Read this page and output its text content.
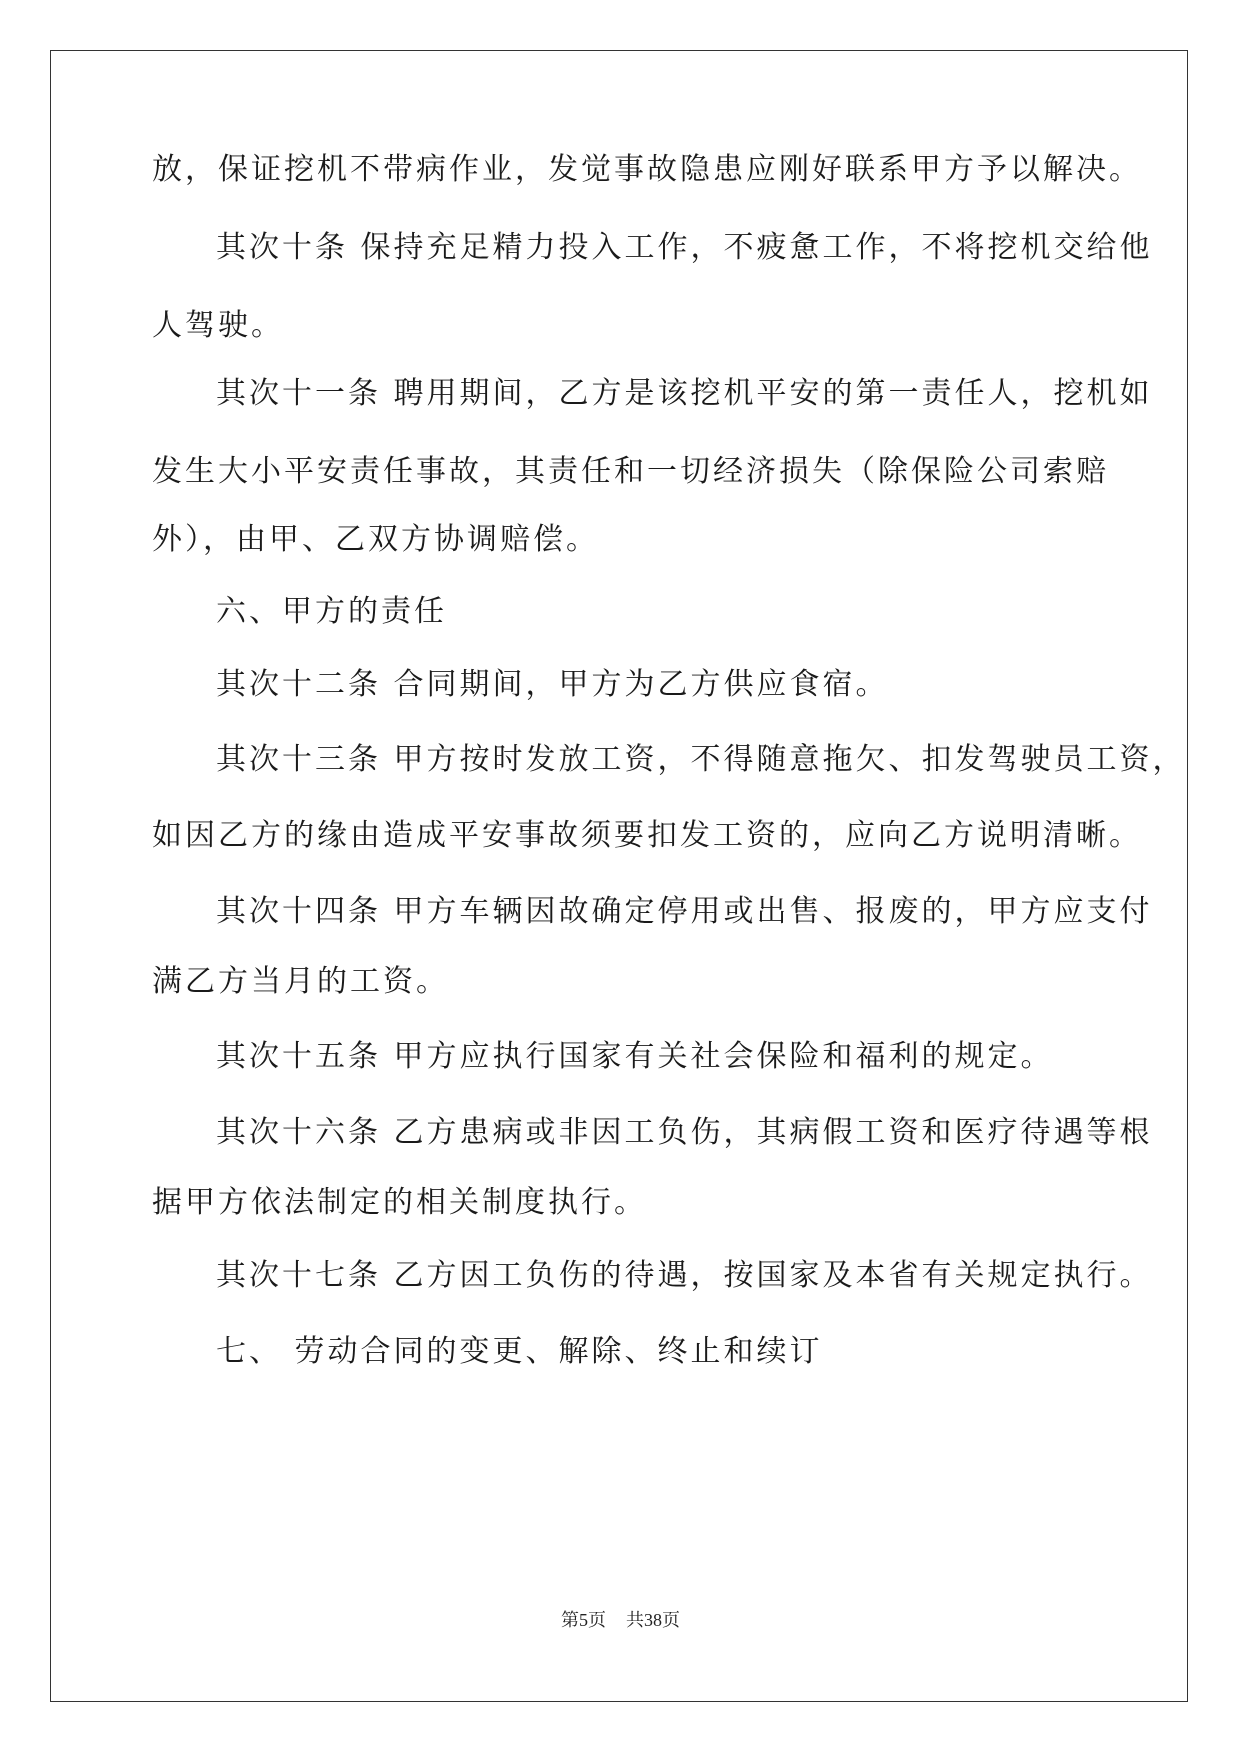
放，保证挖机不带病作业，发觉事故隐患应刚好联系甲方予以解决。
其次十条 保持充足精力投入工作，不疲惫工作，不将挖机交给他
人驾驶。
其次十一条 聘用期间，乙方是该挖机平安的第一责任人，挖机如
发生大小平安责任事故，其责任和一切经济损失（除保险公司索赔
外），由甲、乙双方协调赔偿。
六、甲方的责任
其次十二条 合同期间，甲方为乙方供应食宿。
其次十三条 甲方按时发放工资，不得随意拖欠、扣发驾驶员工资，
如因乙方的缘由造成平安事故须要扣发工资的，应向乙方说明清晰。
其次十四条 甲方车辆因故确定停用或出售、报废的，甲方应支付
满乙方当月的工资。
其次十五条 甲方应执行国家有关社会保险和福利的规定。
其次十六条 乙方患病或非因工负伤，其病假工资和医疗待遇等根
据甲方依法制定的相关制度执行。
其次十七条 乙方因工负伤的待遇，按国家及本省有关规定执行。
七、 劳动合同的变更、解除、终止和续订
第5页 共38页
